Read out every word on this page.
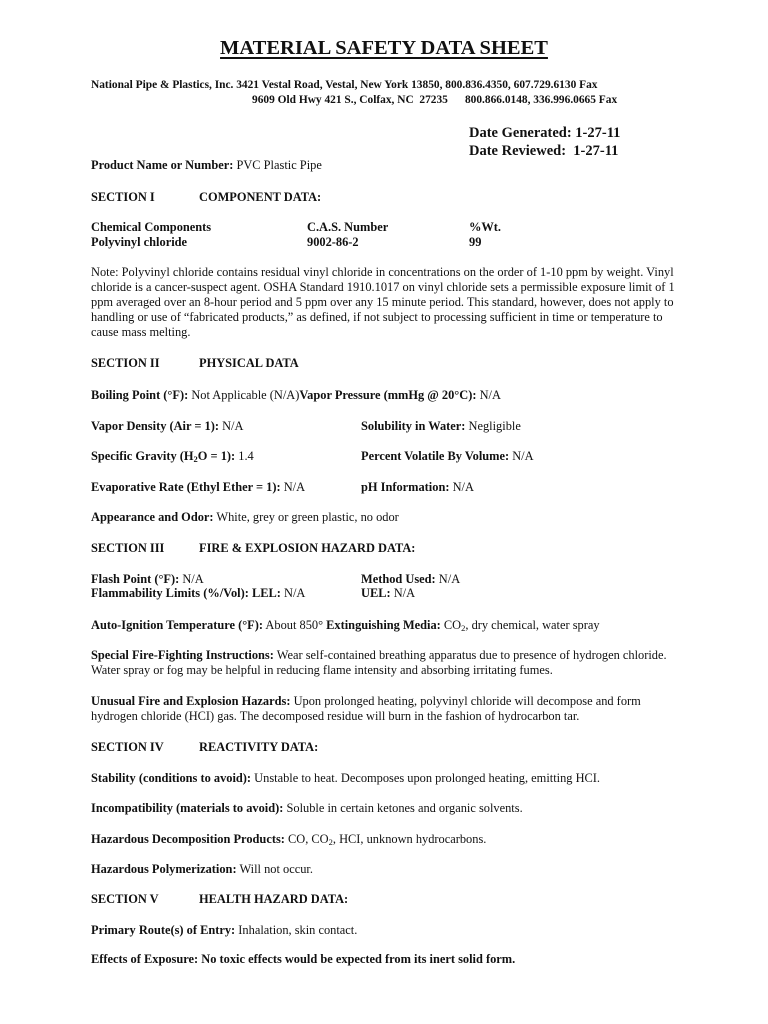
MATERIAL SAFETY DATA SHEET
National Pipe & Plastics, Inc. 3421 Vestal Road, Vestal, New York 13850, 800.836.4350, 607.729.6130 Fax
9609 Old Hwy 421 S., Colfax, NC  27235      800.866.0148, 336.996.0665 Fax
Date Generated: 1-27-11
Date Reviewed:  1-27-11
Product Name or Number: PVC Plastic Pipe
SECTION I	COMPONENT DATA:
Chemical Components	C.A.S. Number	%Wt.
Polyvinyl chloride	9002-86-2	99
Note: Polyvinyl chloride contains residual vinyl chloride in concentrations on the order of 1-10 ppm by weight. Vinyl chloride is a cancer-suspect agent. OSHA Standard 1910.1017 on vinyl chloride sets a permissible exposure limit of 1 ppm averaged over an 8-hour period and 5 ppm over any 15 minute period. This standard, however, does not apply to handling or use of “fabricated products,” as defined, if not subject to processing sufficient in time or temperature to cause mass melting.
SECTION II	PHYSICAL DATA
Boiling Point (°F): Not Applicable (N/A)Vapor Pressure (mmHg @ 20°C): N/A
Vapor Density (Air = 1): N/A	Solubility in Water: Negligible
Specific Gravity $(H_2O = 1)$: 1.4	Percent Volatile By Volume: N/A
Evaporative Rate (Ethyl Ether = 1): N/A	pH Information: N/A
Appearance and Odor: White, grey or green plastic, no odor
SECTION III	FIRE & EXPLOSION HAZARD DATA:
Flash Point (°F): N/A	Method Used: N/A
Flammability Limits (%/Vol): LEL: N/A	UEL: N/A
Auto-Ignition Temperature (°F): About 850° Extinguishing Media: $CO_2$, dry chemical, water spray
Special Fire-Fighting Instructions: Wear self-contained breathing apparatus due to presence of hydrogen chloride. Water spray or fog may be helpful in reducing flame intensity and absorbing irritating fumes.
Unusual Fire and Explosion Hazards: Upon prolonged heating, polyvinyl chloride will decompose and form hydrogen chloride (HCI) gas. The decomposed residue will burn in the fashion of hydrocarbon tar.
SECTION IV	REACTIVITY DATA:
Stability (conditions to avoid): Unstable to heat. Decomposes upon prolonged heating, emitting HCI.
Incompatibility (materials to avoid): Soluble in certain ketones and organic solvents.
Hazardous Decomposition Products: CO, $CO_2$, HCI, unknown hydrocarbons.
Hazardous Polymerization: Will not occur.
SECTION V	HEALTH HAZARD DATA:
Primary Route(s) of Entry: Inhalation, skin contact.
Effects of Exposure: No toxic effects would be expected from its inert solid form.
